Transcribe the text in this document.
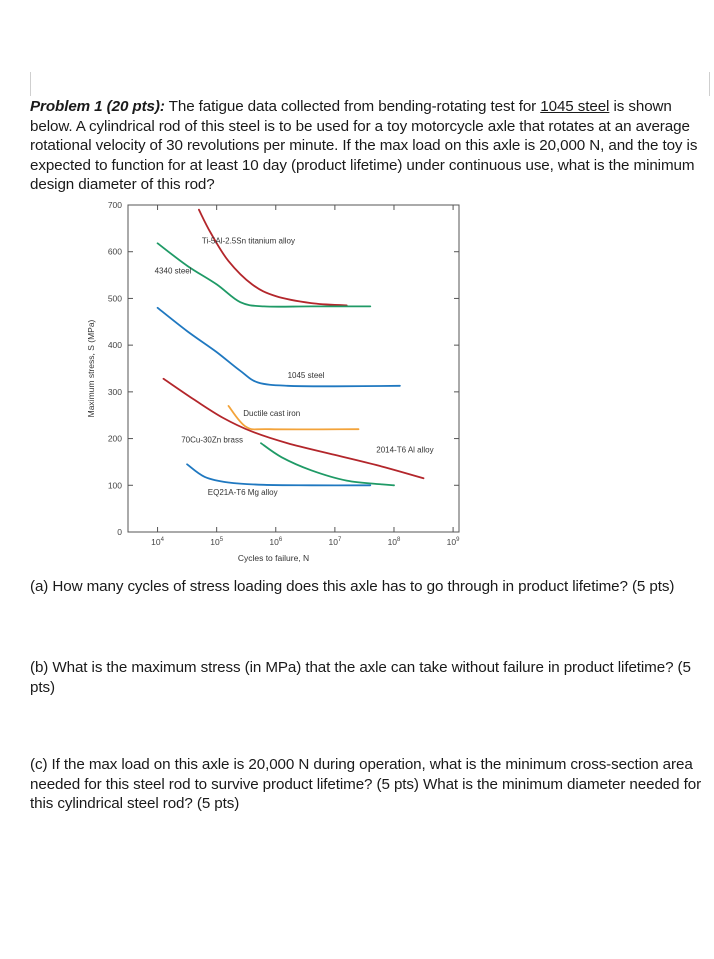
Problem 1 (20 pts): The fatigue data collected from bending-rotating test for 1045 steel is shown below. A cylindrical rod of this steel is to be used for a toy motorcycle axle that rotates at an average rotational velocity of 30 revolutions per minute. If the max load on this axle is 20,000 N, and the toy is expected to function for at least 10 day (product lifetime) under continuous use, what is the minimum design diameter of this rod?
0
100
200
300
400
500
600
700
$10^4$	$10^5$	$10^6$	$10^7$	$10^8$	$10^9$
Cycles to failure, N
Maximum stress, S (MPa)
Ti-5Al-2.5Sn titanium alloy
4340 steel
1045 steel
Ductile cast iron
70Cu-30Zn brass
2014-T6 Al alloy
EQ21A-T6 Mg alloy
(a) How many cycles of stress loading does this axle has to go through in product lifetime? (5 pts)
(b) What is the maximum stress (in MPa) that the axle can take without failure in product lifetime? (5 pts)
(c) If the max load on this axle is 20,000 N during operation, what is the minimum cross-section area needed for this steel rod to survive product lifetime? (5 pts) What is the minimum diameter needed for this cylindrical steel rod? (5 pts)
